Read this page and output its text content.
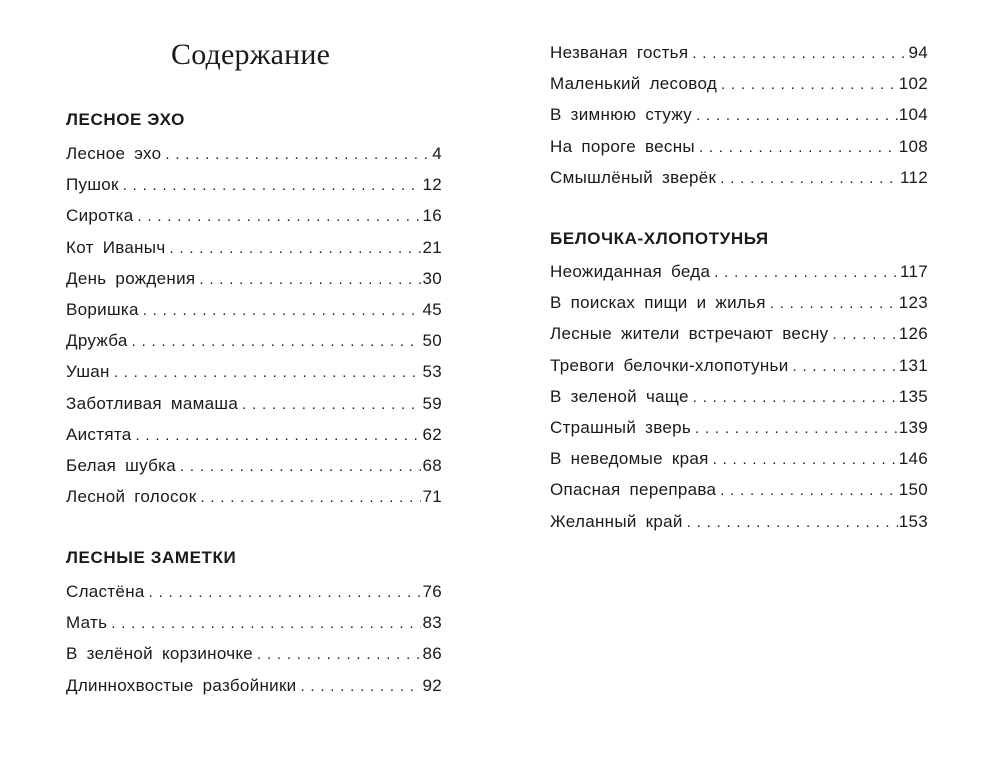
Содержание
ЛЕСНОЕ ЭХО
Лесное эхо . . .	4
Пушок . . .	12
Сиротка . . .	16
Кот Иваныч . . .	21
День рождения . . .	30
Воришка . . .	45
Дружба . . .	50
Ушан . . .	53
Заботливая мамаша . . .	59
Аистята . . .	62
Белая шубка . . .	68
Лесной голосок . . .	71
ЛЕСНЫЕ ЗАМЕТКИ
Сластёна . . .	76
Мать . . .	83
В зелёной корзиночке . . .	86
Длиннохвостые разбойники . . .	92
Незваная гостья . . .	94
Маленький лесовод . . .	102
В зимнюю стужу . . .	104
На пороге весны . . .	108
Смышлёный зверёк . . .	112
БЕЛОЧКА-ХЛОПОТУНЬЯ
Неожиданная беда . . .	117
В поисках пищи и жилья . . .	123
Лесные жители встречают весну . . .	126
Тревоги белочки-хлопотуньи . . .	131
В зеленой чаще . . .	135
Страшный зверь . . .	139
В неведомые края . . .	146
Опасная переправа . . .	150
Желанный край . . .	153
